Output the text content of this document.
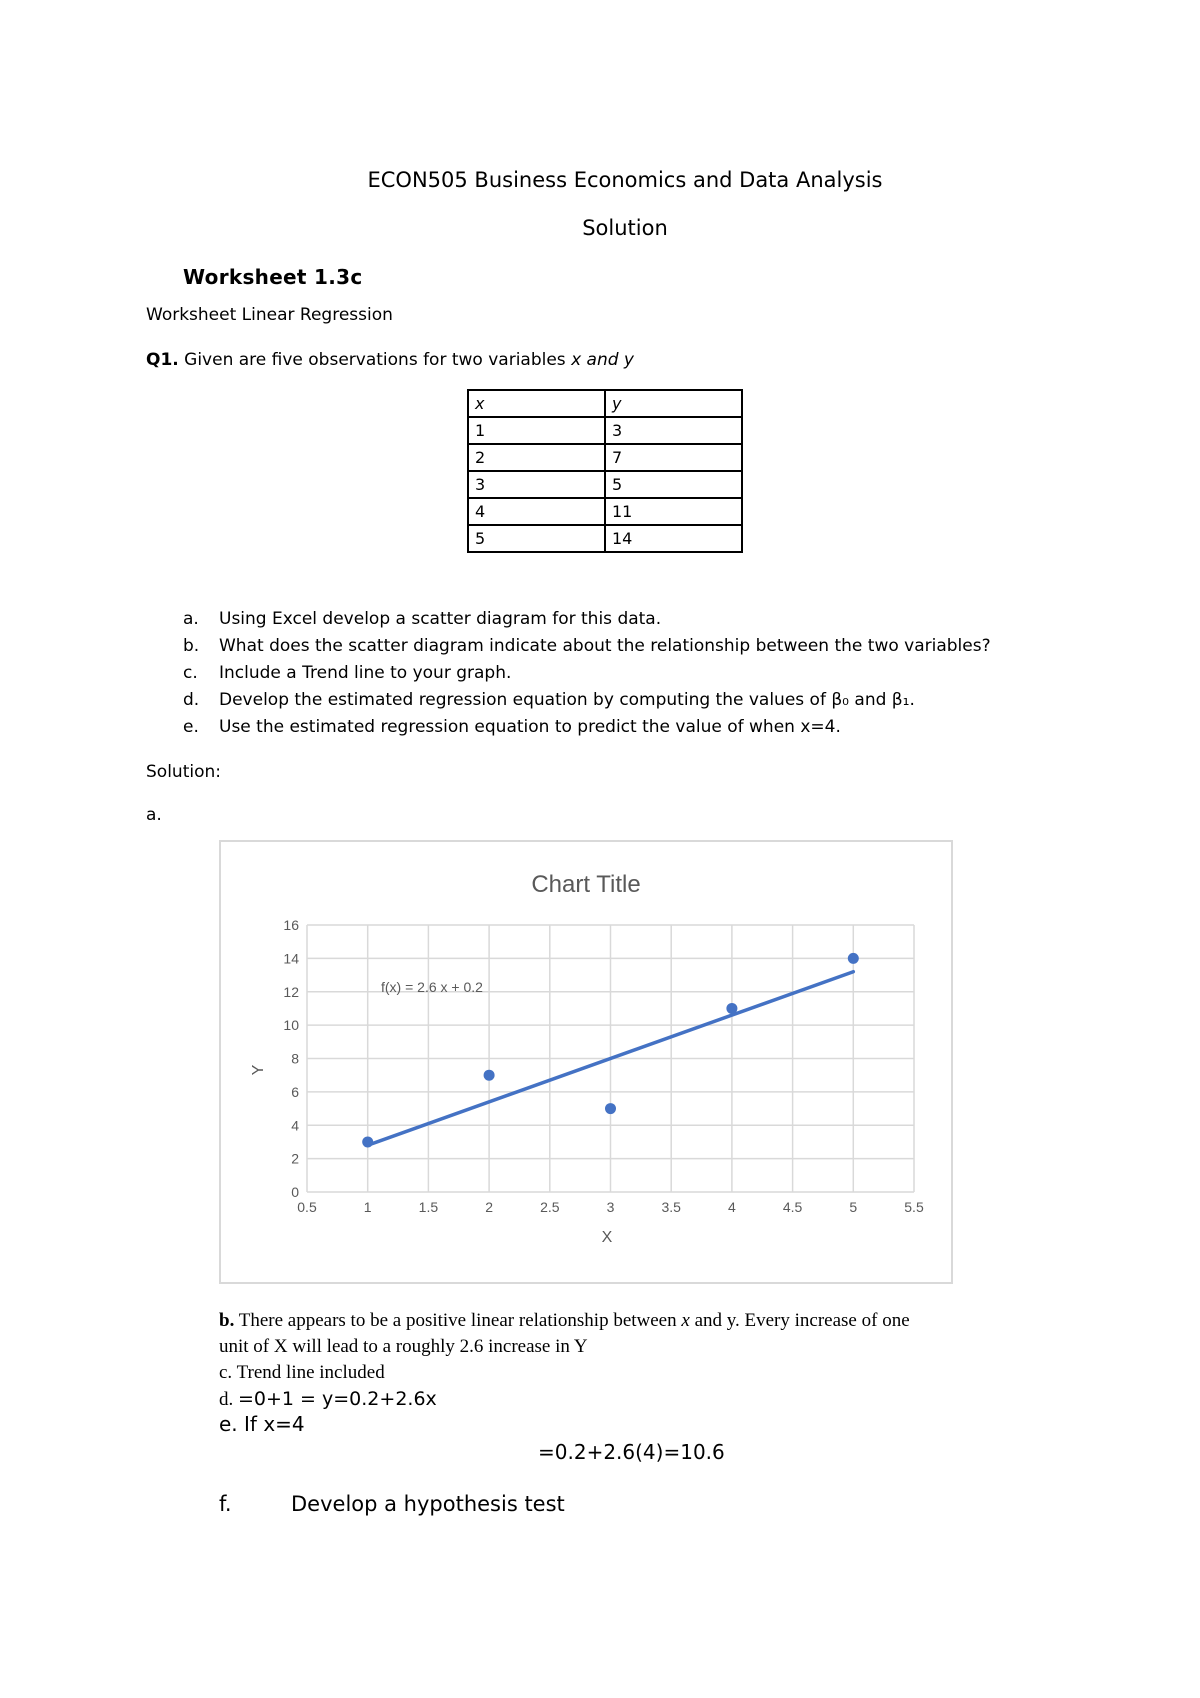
ECON505 Business Economics and Data Analysis
Solution
Worksheet 1.3c
Worksheet Linear Regression
Q1. Given are five observations for two variables x and y
x	y
1	3
2	7
3	5
4	11
5	14
a. Using Excel develop a scatter diagram for this data.
b. What does the scatter diagram indicate about the relationship between the two variables?
c. Include a Trend line to your graph.
d. Develop the estimated regression equation by computing the values of β₀ and β₁.
e. Use the estimated regression equation to predict the value of when x=4.
Solution:
a.
Chart Title
0.5	1	1.5	2	2.5	3	3.5	4	4.5	5	5.5
0
2
4
6
8
10
12
14
16
X
Y
f(x) = 2.6 x + 0.2
b. There appears to be a positive linear relationship between x and y. Every increase of one
unit of X will lead to a roughly 2.6 increase in Y
c. Trend line included
d. =0+1 = y=0.2+2.6x
e. If x=4
=0.2+2.6(4)=10.6
f.	Develop a hypothesis test
